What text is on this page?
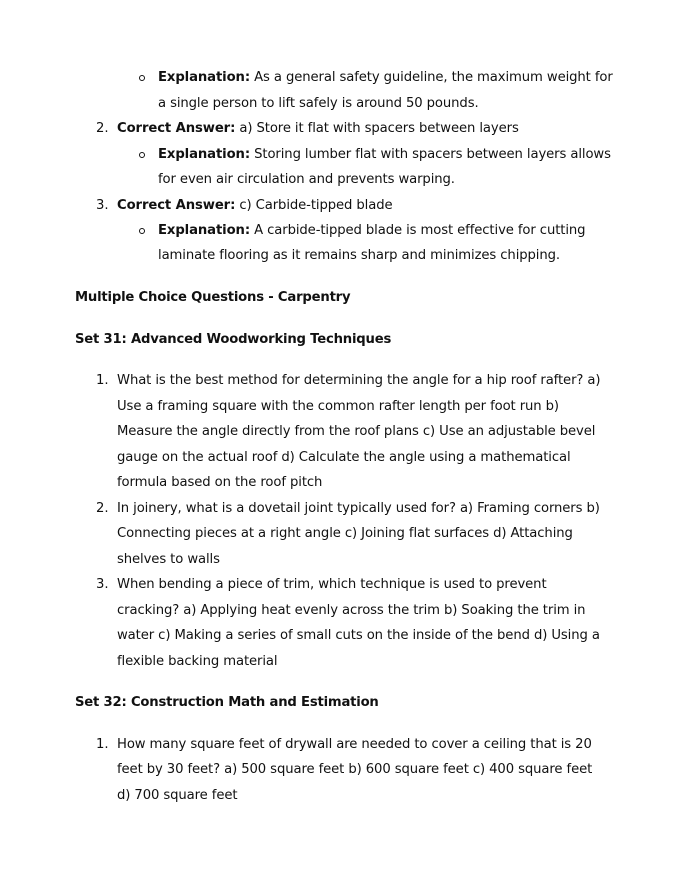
Explanation: As a general safety guideline, the maximum weight for
a single person to lift safely is around 50 pounds.
2. Correct Answer: a) Store it flat with spacers between layers
Explanation: Storing lumber flat with spacers between layers allows
for even air circulation and prevents warping.
3. Correct Answer: c) Carbide-tipped blade
Explanation: A carbide-tipped blade is most effective for cutting
laminate flooring as it remains sharp and minimizes chipping.
Multiple Choice Questions - Carpentry
Set 31: Advanced Woodworking Techniques
1. What is the best method for determining the angle for a hip roof rafter? a)
Use a framing square with the common rafter length per foot run b)
Measure the angle directly from the roof plans c) Use an adjustable bevel
gauge on the actual roof d) Calculate the angle using a mathematical
formula based on the roof pitch
2. In joinery, what is a dovetail joint typically used for? a) Framing corners b)
Connecting pieces at a right angle c) Joining flat surfaces d) Attaching
shelves to walls
3. When bending a piece of trim, which technique is used to prevent
cracking? a) Applying heat evenly across the trim b) Soaking the trim in
water c) Making a series of small cuts on the inside of the bend d) Using a
flexible backing material
Set 32: Construction Math and Estimation
1. How many square feet of drywall are needed to cover a ceiling that is 20
feet by 30 feet? a) 500 square feet b) 600 square feet c) 400 square feet
d) 700 square feet
